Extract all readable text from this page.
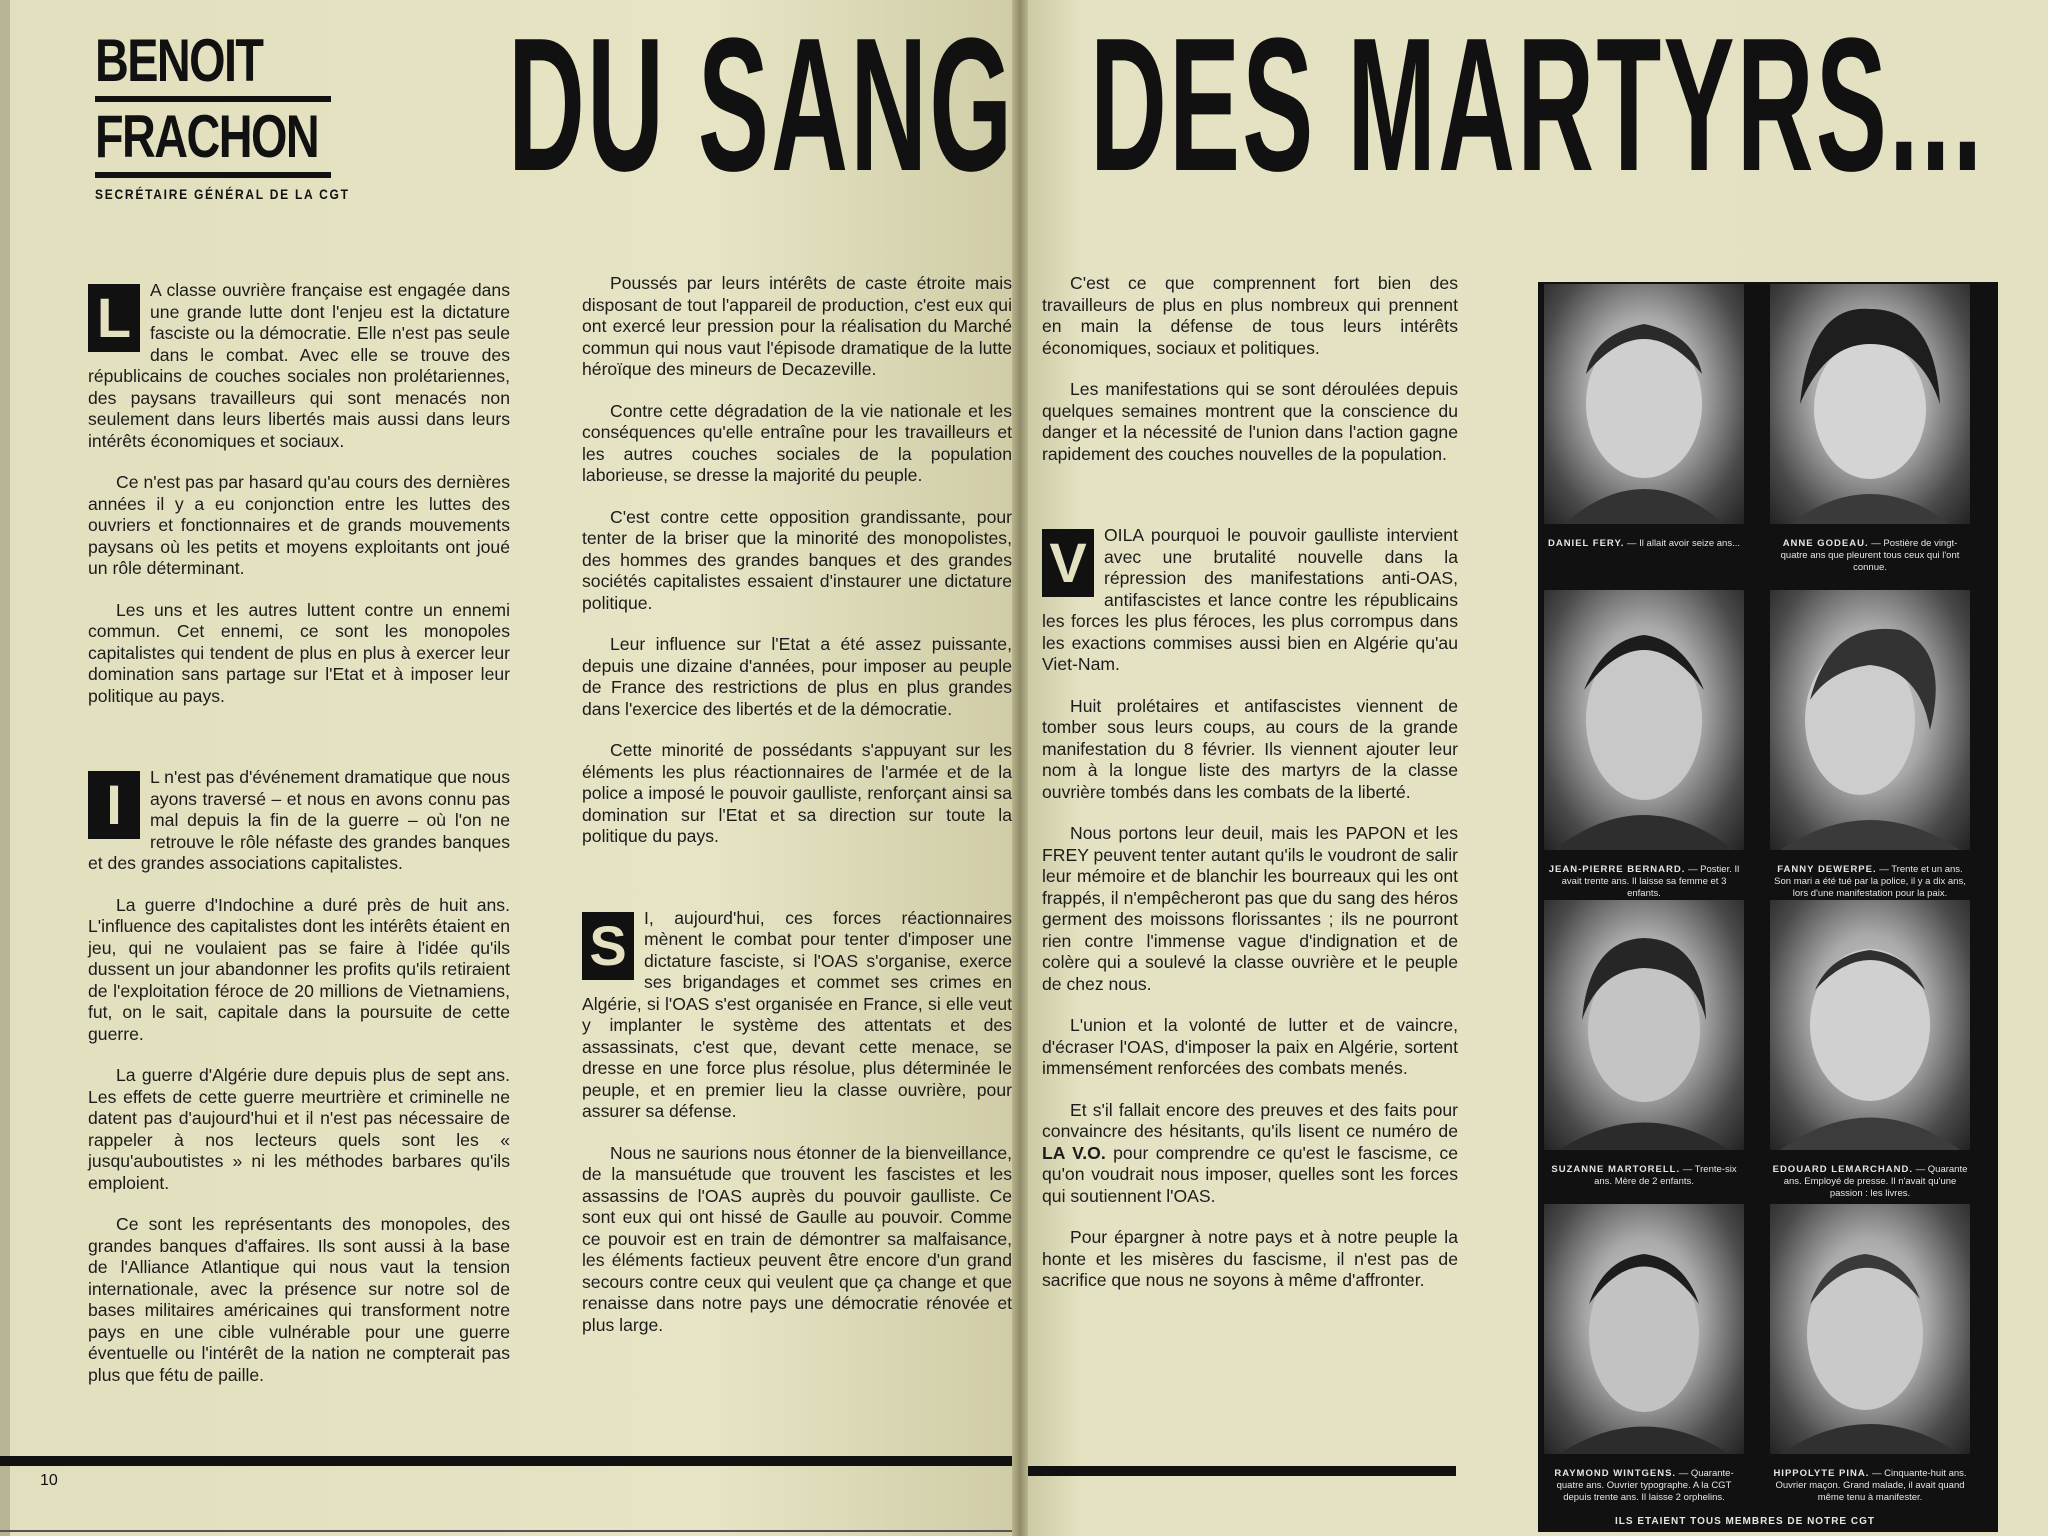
BENOIT
FRACHON
SECRÉTAIRE GÉNÉRAL DE LA CGT

L	A classe ouvrière française est engagée dans une grande lutte dont l'enjeu est la dictature fasciste ou la démocratie. Elle n'est pas seule dans le combat. Avec elle se trouve des républicains de couches sociales non prolétariennes, des paysans travailleurs qui sont menacés non seulement dans leurs libertés mais aussi dans leurs intérêts économiques et sociaux.

Ce n'est pas par hasard qu'au cours des dernières années il y a eu conjonction entre les luttes des ouvriers et fonctionnaires et de grands mouvements paysans où les petits et moyens exploitants ont joué un rôle déterminant.

Les uns et les autres luttent contre un ennemi commun. Cet ennemi, ce sont les monopoles capitalistes qui tendent de plus en plus à exercer leur domination sans partage sur l'Etat et à imposer leur politique au pays.

I	L n'est pas d'événement dramatique que nous ayons traversé – et nous en avons connu pas mal depuis la fin de la guerre – où l'on ne retrouve le rôle néfaste des grandes banques et des grandes associations capitalistes.

La guerre d'Indochine a duré près de huit ans. L'influence des capitalistes dont les intérêts étaient en jeu, qui ne voulaient pas se faire à l'idée qu'ils dussent un jour abandonner les profits qu'ils retiraient de l'exploitation féroce de 20 millions de Vietnamiens, fut, on le sait, capitale dans la poursuite de cette guerre.

La guerre d'Algérie dure depuis plus de sept ans. Les effets de cette guerre meurtrière et criminelle ne datent pas d'aujourd'hui et il n'est pas nécessaire de rappeler à nos lecteurs quels sont les « jusqu'auboutistes » ni les méthodes barbares qu'ils emploient.

Ce sont les représentants des monopoles, des grandes banques d'affaires. Ils sont aussi à la base de l'Alliance Atlantique qui nous vaut la tension internationale, avec la présence sur notre sol de bases militaires américaines qui transforment notre pays en une cible vulnérable pour une guerre éventuelle ou l'intérêt de la nation ne compterait pas plus que fétu de paille.

Poussés par leurs intérêts de caste étroite mais disposant de tout l'appareil de production, c'est eux qui ont exercé leur pression pour la réalisation du Marché commun qui nous vaut l'épisode dramatique de la lutte héroïque des mineurs de Decazeville.

Contre cette dégradation de la vie nationale et les conséquences qu'elle entraîne pour les travailleurs et les autres couches sociales de la population laborieuse, se dresse la majorité du peuple.

C'est contre cette opposition grandissante, pour tenter de la briser que la minorité des monopolistes, des hommes des grandes banques et des grandes sociétés capitalistes essaient d'instaurer une dictature politique.

Leur influence sur l'Etat a été assez puissante, depuis une dizaine d'années, pour imposer au peuple de France des restrictions de plus en plus grandes dans l'exercice des libertés et de la démocratie.

Cette minorité de possédants s'appuyant sur les éléments les plus réactionnaires de l'armée et de la police a imposé le pouvoir gaulliste, renforçant ainsi sa domination sur l'Etat et sa direction sur toute la politique du pays.

S I, aujourd'hui, ces forces réactionnaires mènent le combat pour tenter d'imposer une dictature fasciste, si l'OAS s'organise, exerce ses brigandages et commet ses crimes en Algérie, si l'OAS s'est organisée en France, si elle veut y implanter le système des attentats et des assassinats, c'est que, devant cette menace, se dresse en une force plus résolue, plus déterminée le peuple, et en premier lieu la classe ouvrière, pour assurer sa défense.

Nous ne saurions nous étonner de la bienveillance, de la mansuétude que trouvent les fascistes et les assassins de l'OAS auprès du pouvoir gaulliste. Ce sont eux qui ont hissé de Gaulle au pouvoir. Comme ce pouvoir est en train de démontrer sa malfaisance, les éléments factieux peuvent être encore d'un grand secours contre ceux qui veulent que ça change et que renaisse dans notre pays une démocratie rénovée et plus large.

10

C'est ce que comprennent fort bien des travailleurs de plus en plus nombreux qui prennent en main la défense de tous leurs intérêts économiques, sociaux et politiques.

Les manifestations qui se sont déroulées depuis quelques semaines montrent que la conscience du danger et la nécessité de l'union dans l'action gagne rapidement des couches nouvelles de la population.

V OILA pourquoi le pouvoir gaulliste intervient avec une brutalité nouvelle dans la répression des manifestations anti-OAS, antifascistes et lance contre les républicains les forces les plus féroces, les plus corrompus dans les exactions commises aussi bien en Algérie qu'au Viet-Nam.

Huit prolétaires et antifascistes viennent de tomber sous leurs coups, au cours de la grande manifestation du 8 février. Ils viennent ajouter leur nom à la longue liste des martyrs de la classe ouvrière tombés dans les combats de la liberté.

Nous portons leur deuil, mais les PAPON et les FREY peuvent tenter autant qu'ils le voudront de salir leur mémoire et de blanchir les bourreaux qui les ont frappés, il n'empêcheront pas que du sang des héros germent des moissons florissantes ; ils ne pourront rien contre l'immense vague d'indignation et de colère qui a soulevé la classe ouvrière et le peuple de chez nous.

L'union et la volonté de lutter et de vaincre, d'écraser l'OAS, d'imposer la paix en Algérie, sortent immensément renforcées des combats menés.

Et s'il fallait encore des preuves et des faits pour convaincre des hésitants, qu'ils lisent ce numéro de LA V.O. pour comprendre ce qu'est le fascisme, ce qu'on voudrait nous imposer, quelles sont les forces qui soutiennent l'OAS.

Pour épargner à notre pays et à notre peuple la honte et les misères du fascisme, il n'est pas de sacrifice que nous ne soyons à même d'affronter.

DU SANG DES MARTYRS...
DANIEL FERY. — Il allait avoir seize ans...	ANNE GODEAU. — Postière de vingt-quatre ans que pleurent tous ceux qui l'ont connue.
JEAN-PIERRE BERNARD. — Postier. Il avait trente ans. Il laisse sa femme et 3 enfants.
FANNY DEWERPE. — Trente et un ans. Son mari a été tué par la police, il y a dix ans, lors d'une manifestation pour la paix.
SUZANNE MARTORELL. — Trente-six ans. Mère de 2 enfants.
EDOUARD LEMARCHAND. — Quarante ans. Employé de presse. Il n'avait qu'une passion : les livres.
RAYMOND WINTGENS. — Quarante-quatre ans. Ouvrier typographe. A la CGT depuis trente ans. Il laisse 2 orphelins.
HIPPOLYTE PINA. — Cinquante-huit ans. Ouvrier maçon. Grand malade, il avait quand même tenu à manifester.
ILS ETAIENT TOUS MEMBRES DE NOTRE CGT
